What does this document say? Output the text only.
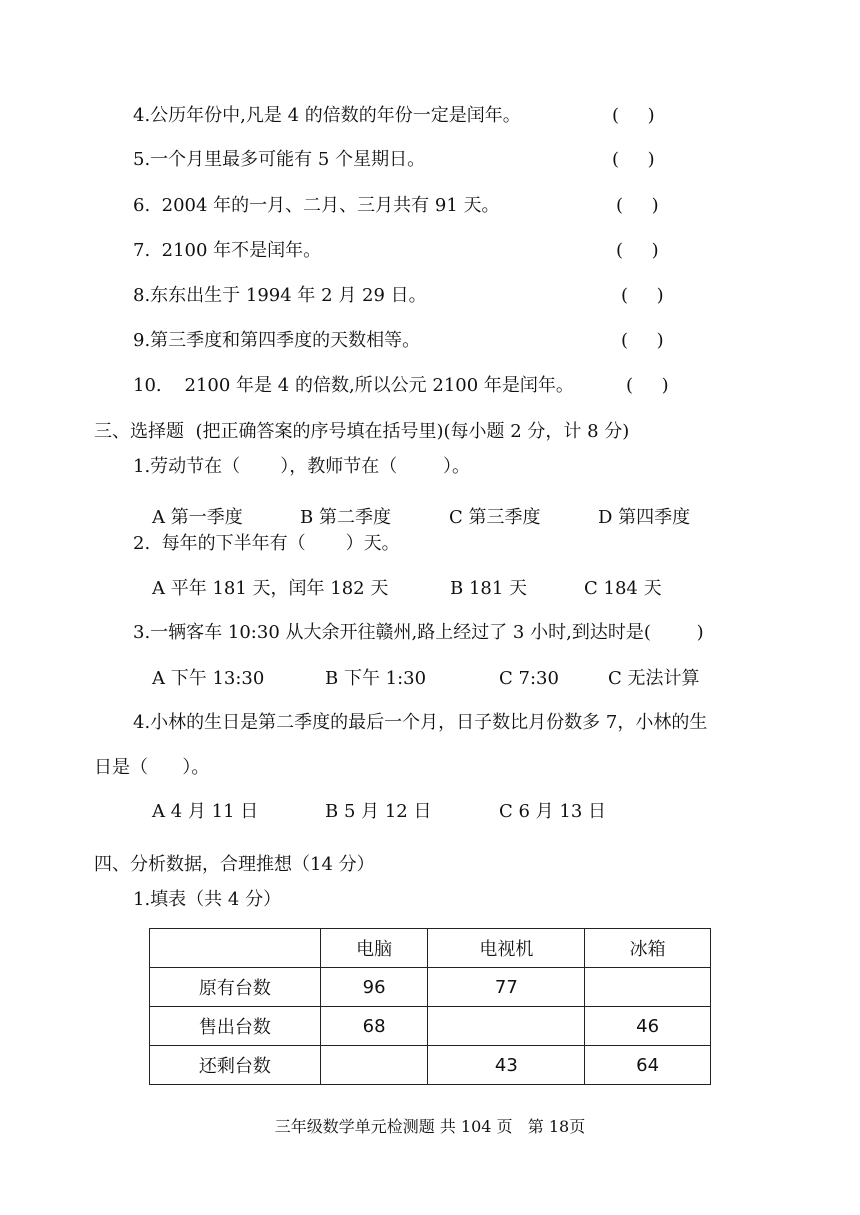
4.公历年份中,凡是 4 的倍数的年份一定是闰年。	(     )
5.一个月里最多可能有 5 个星期日。	(     )
6.  2004 年的一月、二月、三月共有 91 天。	(     )
7.  2100 年不是闰年。	(     )
8.东东出生于 1994 年 2 月 29 日。	(     )
9.第三季度和第四季度的天数相等。	(     )
10.    2100 年是 4 的倍数,所以公元 2100 年是闰年。	(     )
三、选择题  (把正确答案的序号填在括号里)(每小题 2 分，计 8 分)
1.劳动节在（       ），教师节在（        ）。
A 第一季度	B 第二季度	C 第三季度	D 第四季度
2.  每年的下半年有（       ）天。
A 平年 181 天，闰年 182 天	B 181 天	C 184 天
3.一辆客车 10:30 从大余开往赣州,路上经过了 3 小时,到达时是(        )
A 下午 13:30	B 下午 1:30	C 7:30	C 无法计算
4.小林的生日是第二季度的最后一个月，日子数比月份数多 7，小林的生
日是（      ）。
A 4 月 11 日	B 5 月 12 日	C 6 月 13 日
四、分析数据，合理推想（14 分）
1.填表（共 4 分）
	电脑	电视机	冰箱
原有台数	96	77	
售出台数	68		46
还剩台数		43	64
三年级数学单元检测题 共 104 页   第 18页
